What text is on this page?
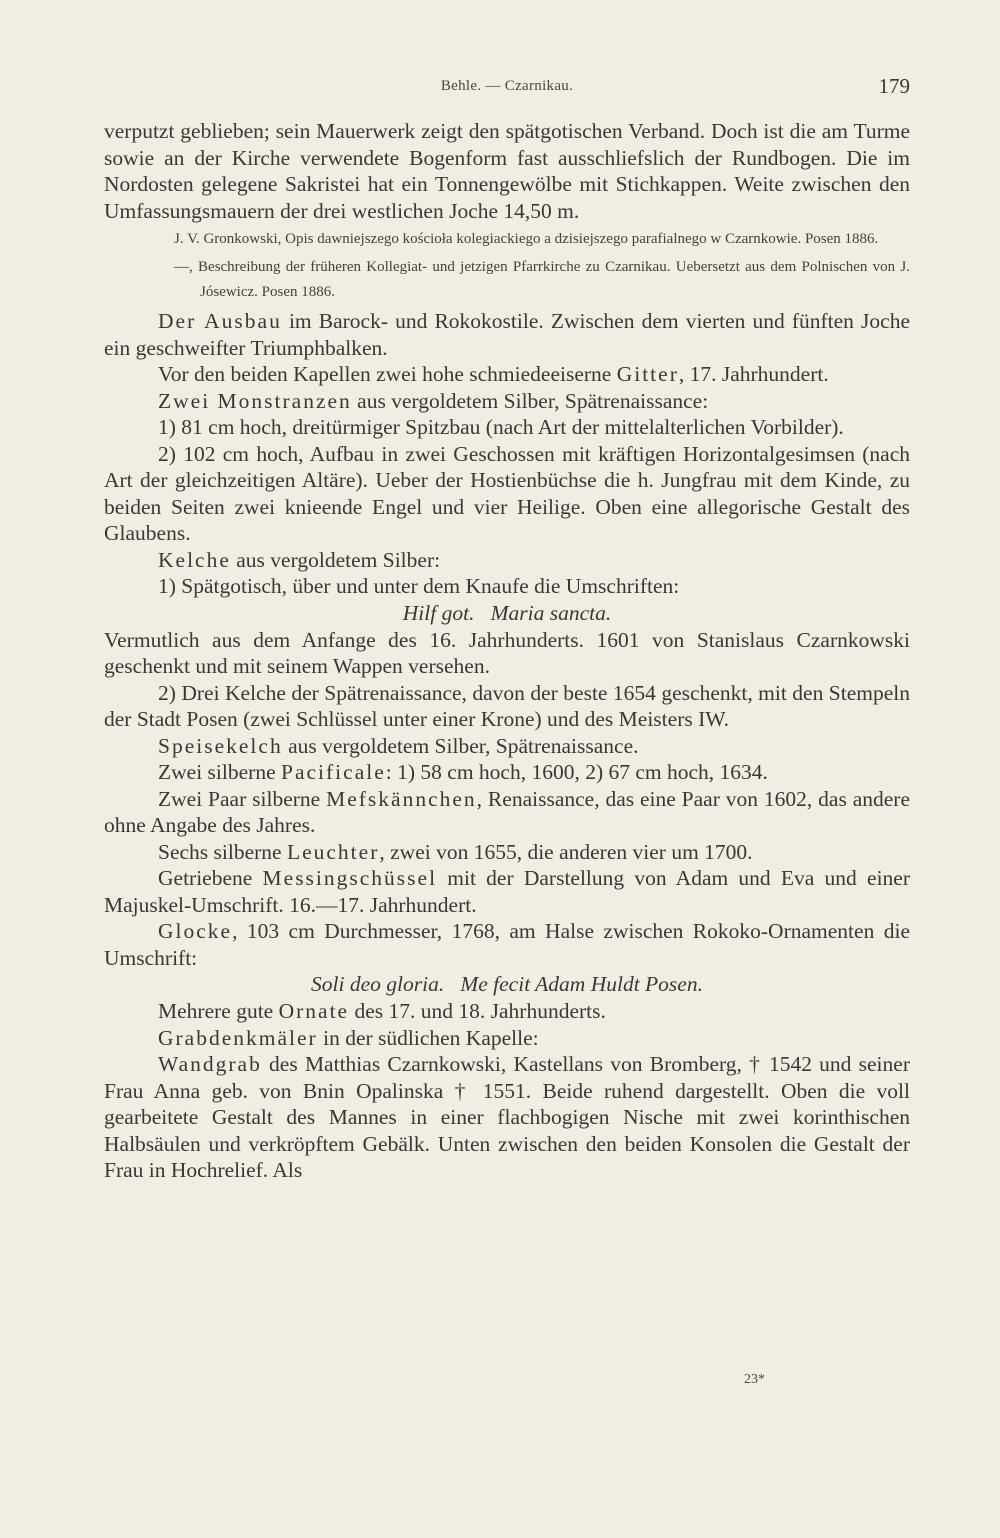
Behle. — Czarnikau.	179

verputzt geblieben; sein Mauerwerk zeigt den spätgotischen Verband. Doch ist die am Turme sowie an der Kirche verwendete Bogenform fast ausschliefslich der Rundbogen. Die im Nordosten gelegene Sakristei hat ein Tonnengewölbe mit Stichkappen. Weite zwischen den Umfassungsmauern der drei westlichen Joche 14,50 m.

J. V. Gronkowski, Opis dawniejszego kościoła kolegiackiego a dzisiejszego parafialnego w Czarnkowie. Posen 1886.

—, Beschreibung der früheren Kollegiat- und jetzigen Pfarrkirche zu Czarnikau. Uebersetzt aus dem Polnischen von J. Jósewicz. Posen 1886.

Der Ausbau im Barock- und Rokokostile. Zwischen dem vierten und fünften Joche ein geschweifter Triumphbalken.

Vor den beiden Kapellen zwei hohe schmiedeeiserne Gitter, 17. Jahrhundert.

Zwei Monstranzen aus vergoldetem Silber, Spätrenaissance:

1) 81 cm hoch, dreitürmiger Spitzbau (nach Art der mittelalterlichen Vorbilder).

2) 102 cm hoch, Aufbau in zwei Geschossen mit kräftigen Horizontalgesimsen (nach Art der gleichzeitigen Altäre). Ueber der Hostienbüchse die h. Jungfrau mit dem Kinde, zu beiden Seiten zwei knieende Engel und vier Heilige. Oben eine allegorische Gestalt des Glaubens.

Kelche aus vergoldetem Silber:

1) Spätgotisch, über und unter dem Knaufe die Umschriften:

Hilf got.   Maria sancta.

Vermutlich aus dem Anfange des 16. Jahrhunderts. 1601 von Stanislaus Czarnkowski geschenkt und mit seinem Wappen versehen.

2) Drei Kelche der Spätrenaissance, davon der beste 1654 geschenkt, mit den Stempeln der Stadt Posen (zwei Schlüssel unter einer Krone) und des Meisters IW.

Speisekelch aus vergoldetem Silber, Spätrenaissance.

Zwei silberne Pacificale: 1) 58 cm hoch, 1600, 2) 67 cm hoch, 1634.

Zwei Paar silberne Mefskännchen, Renaissance, das eine Paar von 1602, das andere ohne Angabe des Jahres.

Sechs silberne Leuchter, zwei von 1655, die anderen vier um 1700.

Getriebene Messingschüssel mit der Darstellung von Adam und Eva und einer Majuskel-Umschrift. 16.—17. Jahrhundert.

Glocke, 103 cm Durchmesser, 1768, am Halse zwischen Rokoko-Ornamenten die Umschrift:

Soli deo gloria.   Me fecit Adam Huldt Posen.

Mehrere gute Ornate des 17. und 18. Jahrhunderts.

Grabdenkmäler in der südlichen Kapelle:

Wandgrab des Matthias Czarnkowski, Kastellans von Bromberg, † 1542 und seiner Frau Anna geb. von Bnin Opalinska † 1551. Beide ruhend dargestellt. Oben die voll gearbeitete Gestalt des Mannes in einer flachbogigen Nische mit zwei korinthischen Halbsäulen und verkröpftem Gebälk. Unten zwischen den beiden Konsolen die Gestalt der Frau in Hochrelief. Als

23*
